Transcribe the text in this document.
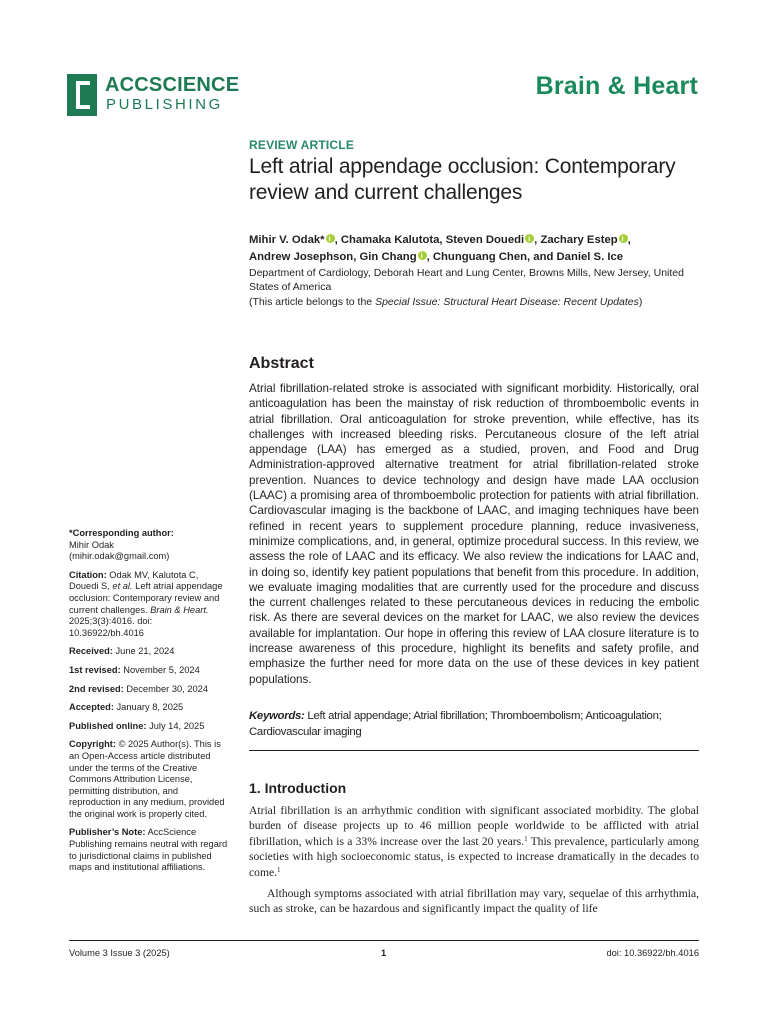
ACCSCIENCE
PUBLISHING
Brain & Heart
REVIEW ARTICLE
Left atrial appendage occlusion: Contemporary review and current challenges
Mihir V. Odak* i , Chamaka Kalutota, Steven Douedi i , Zachary Estep i ,
Andrew Josephson, Gin Chang i , Chunguang Chen, and Daniel S. Ice
Department of Cardiology, Deborah Heart and Lung Center, Browns Mills, New Jersey, United States of America
(This article belongs to the Special Issue: Structural Heart Disease: Recent Updates)
Abstract
Atrial fibrillation-related stroke is associated with significant morbidity. Historically, oral anticoagulation has been the mainstay of risk reduction of thromboembolic events in atrial fibrillation. Oral anticoagulation for stroke prevention, while effective, has its challenges with increased bleeding risks. Percutaneous closure of the left atrial appendage (LAA) has emerged as a studied, proven, and Food and Drug Administration-approved alternative treatment for atrial fibrillation-related stroke prevention. Nuances to device technology and design have made LAA occlusion (LAAC) a promising area of thromboembolic protection for patients with atrial fibrillation. Cardiovascular imaging is the backbone of LAAC, and imaging techniques have been refined in recent years to supplement procedure planning, reduce invasiveness, minimize complications, and, in general, optimize procedural success. In this review, we assess the role of LAAC and its efficacy. We also review the indications for LAAC and, in doing so, identify key patient populations that benefit from this procedure. In addition, we evaluate imaging modalities that are currently used for the procedure and discuss the current challenges related to these percutaneous devices in reducing the embolic risk. As there are several devices on the market for LAAC, we also review the devices available for implantation. Our hope in offering this review of LAA closure literature is to increase awareness of this procedure, highlight its benefits and safety profile, and emphasize the further need for more data on the use of these devices in key patient populations.
Keywords: Left atrial appendage; Atrial fibrillation; Thromboembolism; Anticoagulation; Cardiovascular imaging
1. Introduction
Atrial fibrillation is an arrhythmic condition with significant associated morbidity. The global burden of disease projects up to 46 million people worldwide to be afflicted with atrial fibrillation, which is a 33% increase over the last 20 years.$^1$ This prevalence, particularly among societies with high socioeconomic status, is expected to increase dramatically in the decades to come.$^1$
Although symptoms associated with atrial fibrillation may vary, sequelae of this arrhythmia, such as stroke, can be hazardous and significantly impact the quality of life
*Corresponding author:
Mihir Odak
(mihir.odak@gmail.com)
Citation: Odak MV, Kalutota C, Douedi S, et al. Left atrial appendage occlusion: Contemporary review and current challenges. Brain & Heart. 2025;3(3):4016. doi: 10.36922/bh.4016
Received: June 21, 2024
1st revised: November 5, 2024
2nd revised: December 30, 2024
Accepted: January 8, 2025
Published online: July 14, 2025
Copyright: © 2025 Author(s). This is an Open-Access article distributed under the terms of the Creative Commons Attribution License, permitting distribution, and reproduction in any medium, provided the original work is properly cited.
Publisher’s Note: AccScience Publishing remains neutral with regard to jurisdictional claims in published maps and institutional affiliations.
Volume 3 Issue 3 (2025)	1	doi: 10.36922/bh.4016
